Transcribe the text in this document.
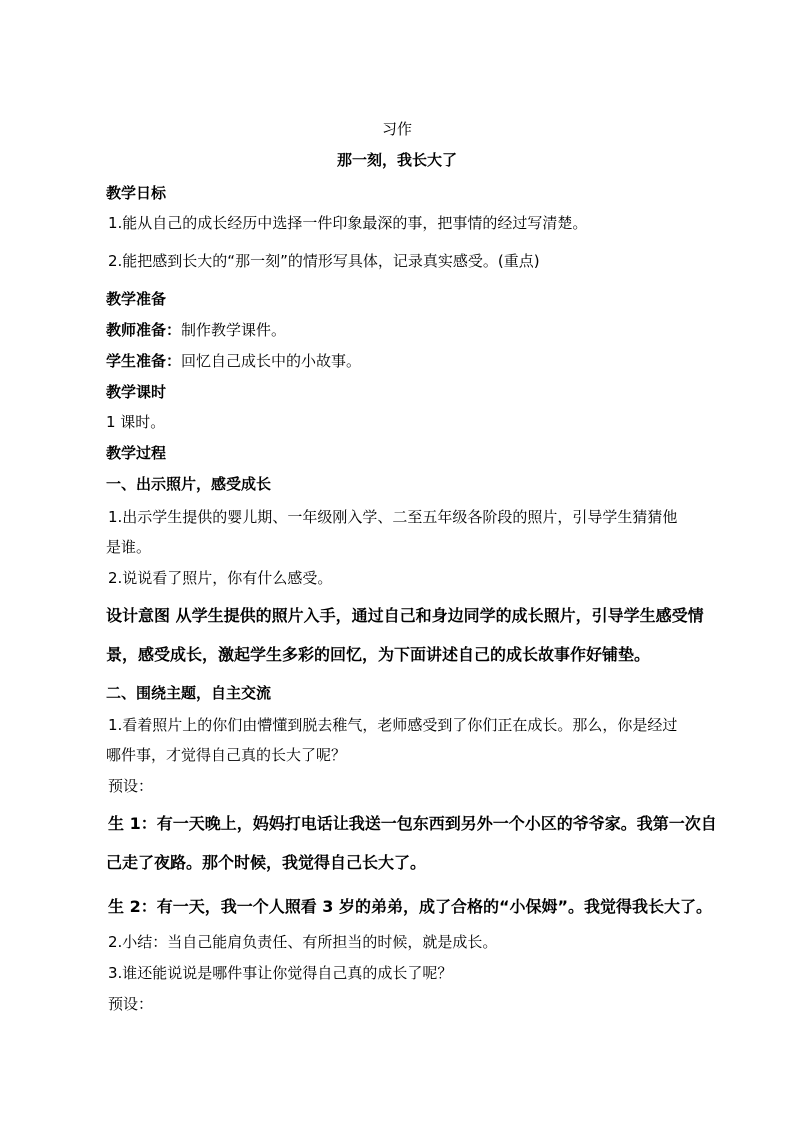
习作
那一刻，我长大了
教学日标
1.能从自己的成长经历中选择一件印象最深的事，把事情的经过写清楚。
2.能把感到长大的“那一刻”的情形写具体，记录真实感受。(重点)
教学准备
教师准备：制作教学课件。
学生准备：回忆自己成长中的小故事。
教学课时
1 课时。
教学过程
一、出示照片，感受成长
1.出示学生提供的婴儿期、一年级刚入学、二至五年级各阶段的照片，引导学生猜猜他
是谁。
2.说说看了照片，你有什么感受。
设计意图 从学生提供的照片入手，通过自己和身边同学的成长照片，引导学生感受情
景，感受成长，激起学生多彩的回忆，为下面讲述自己的成长故事作好铺垫。
二、围绕主题，自主交流
1.看着照片上的你们由懵懂到脱去稚气，老师感受到了你们正在成长。那么，你是经过
哪件事，才觉得自己真的长大了呢？
预设：
生 1：有一天晚上，妈妈打电话让我送一包东西到另外一个小区的爷爷家。我第一次自
己走了夜路。那个时候，我觉得自己长大了。
生 2：有一天，我一个人照看 3 岁的弟弟，成了合格的“小保姆”。我觉得我长大了。
2.小结：当自己能肩负责任、有所担当的时候，就是成长。
3.谁还能说说是哪件事让你觉得自己真的成长了呢？
预设：
